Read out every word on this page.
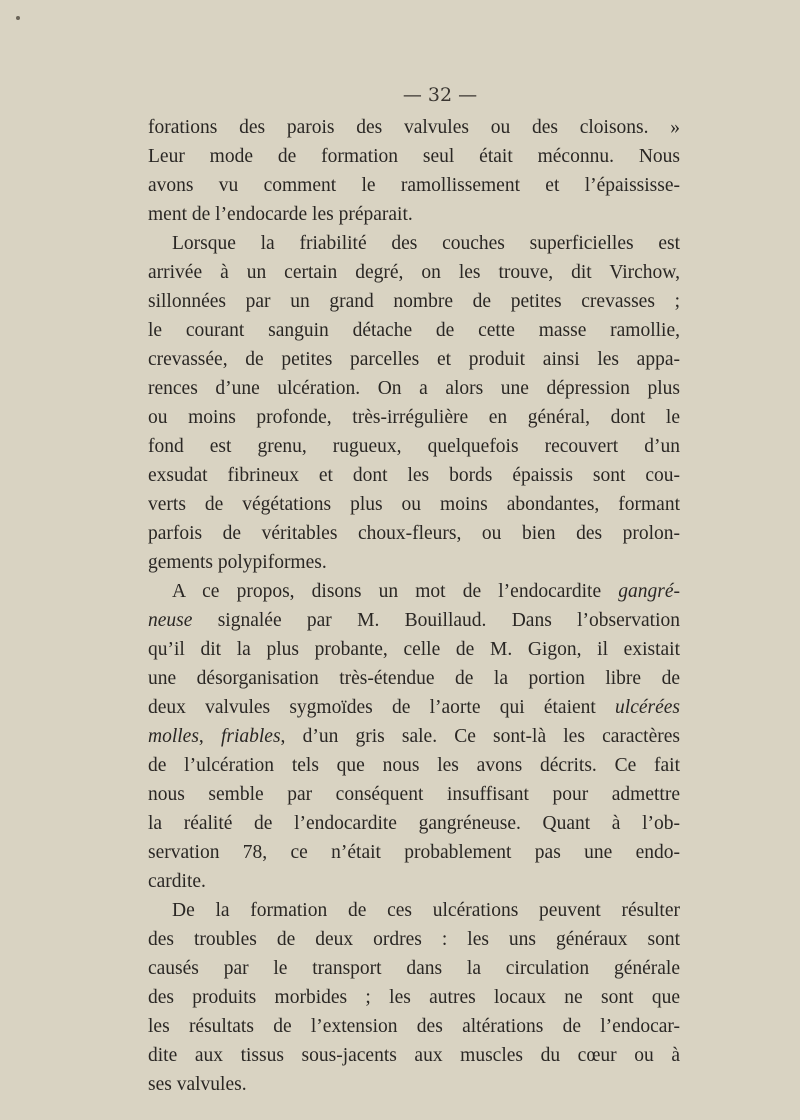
— 32 —

forations des parois des valvules ou des cloisons. »
Leur mode de formation seul était méconnu. Nous
avons vu comment le ramollissement et l’épaississe-
ment de l’endocarde les préparait.

Lorsque la friabilité des couches superficielles est
arrivée à un certain degré, on les trouve, dit Virchow,
sillonnées par un grand nombre de petites crevasses ;
le courant sanguin détache de cette masse ramollie,
crevassée, de petites parcelles et produit ainsi les appa-
rences d’une ulcération. On a alors une dépression plus
ou moins profonde, très-irrégulière en général, dont le
fond est grenu, rugueux, quelquefois recouvert d’un
exsudat fibrineux et dont les bords épaissis sont cou-
verts de végétations plus ou moins abondantes, formant
parfois de véritables choux-fleurs, ou bien des prolon-
gements polypiformes.

A ce propos, disons un mot de l’endocardite gangré-
neuse signalée par M. Bouillaud. Dans l’observation
qu’il dit la plus probante, celle de M. Gigon, il existait
une désorganisation très-étendue de la portion libre de
deux valvules sygmoïdes de l’aorte qui étaient ulcérées
molles, friables, d’un gris sale. Ce sont-là les caractères
de l’ulcération tels que nous les avons décrits. Ce fait
nous semble par conséquent insuffisant pour admettre
la réalité de l’endocardite gangréneuse. Quant à l’ob-
servation 78, ce n’était probablement pas une endo-
cardite.

De la formation de ces ulcérations peuvent résulter
des troubles de deux ordres : les uns généraux sont
causés par le transport dans la circulation générale
des produits morbides ; les autres locaux ne sont que
les résultats de l’extension des altérations de l’endocar-
dite aux tissus sous-jacents aux muscles du cœur ou à
ses valvules.
